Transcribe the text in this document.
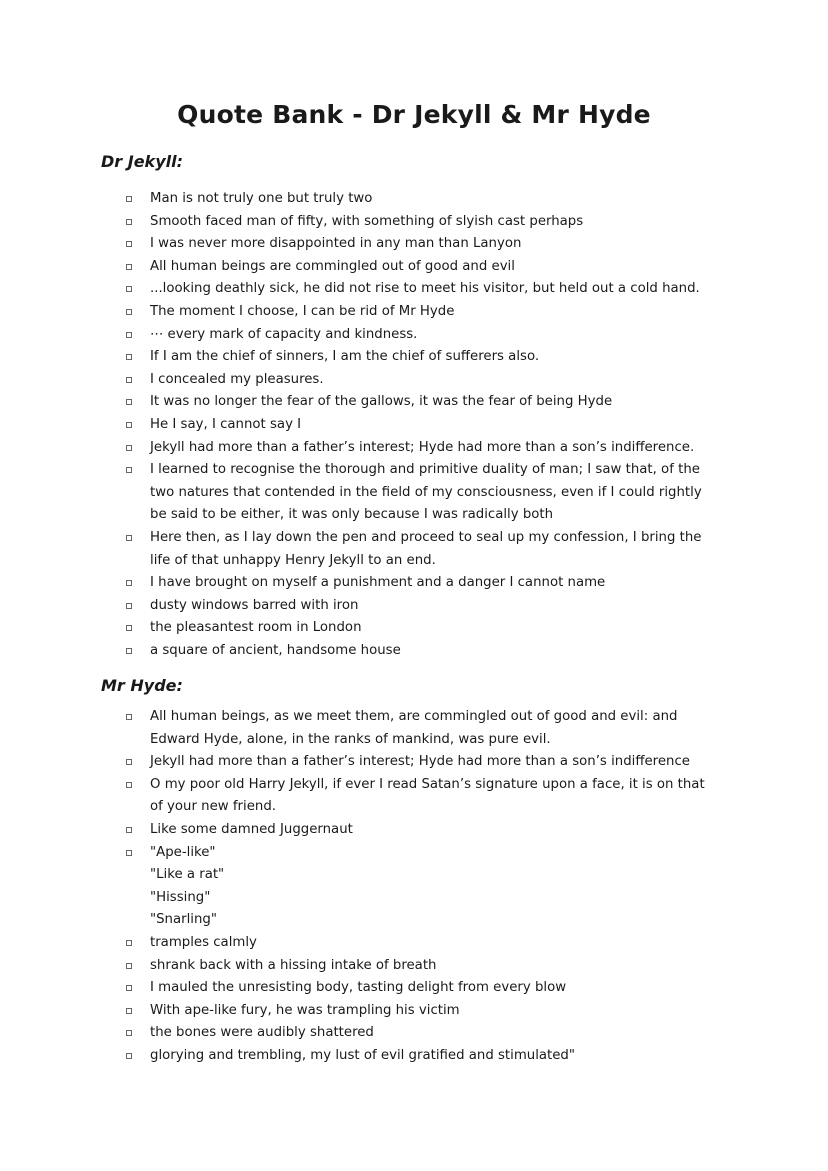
Quote Bank - Dr Jekyll & Mr Hyde
Dr Jekyll:
Man is not truly one but truly two
Smooth faced man of fifty, with something of slyish cast perhaps
I was never more disappointed in any man than Lanyon
All human beings are commingled out of good and evil
...looking deathly sick, he did not rise to meet his visitor, but held out a cold hand.
The moment I choose, I can be rid of Mr Hyde
⋯ every mark of capacity and kindness.
If I am the chief of sinners, I am the chief of sufferers also.
I concealed my pleasures.
It was no longer the fear of the gallows, it was the fear of being Hyde
He I say, I cannot say I
Jekyll had more than a father’s interest; Hyde had more than a son’s indifference.
I learned to recognise the thorough and primitive duality of man; I saw that, of the
two natures that contended in the field of my consciousness, even if I could rightly
be said to be either, it was only because I was radically both
Here then, as I lay down the pen and proceed to seal up my confession, I bring the
life of that unhappy Henry Jekyll to an end.
I have brought on myself a punishment and a danger I cannot name
dusty windows barred with iron
the pleasantest room in London
a square of ancient, handsome house
Mr Hyde:
All human beings, as we meet them, are commingled out of good and evil: and
Edward Hyde, alone, in the ranks of mankind, was pure evil.
Jekyll had more than a father’s interest; Hyde had more than a son’s indifference
O my poor old Harry Jekyll, if ever I read Satan’s signature upon a face, it is on that
of your new friend.
Like some damned Juggernaut
"Ape-like"
"Like a rat"
"Hissing"
"Snarling"
tramples calmly
shrank back with a hissing intake of breath
I mauled the unresisting body, tasting delight from every blow
With ape-like fury, he was trampling his victim
the bones were audibly shattered
glorying and trembling, my lust of evil gratified and stimulated"
